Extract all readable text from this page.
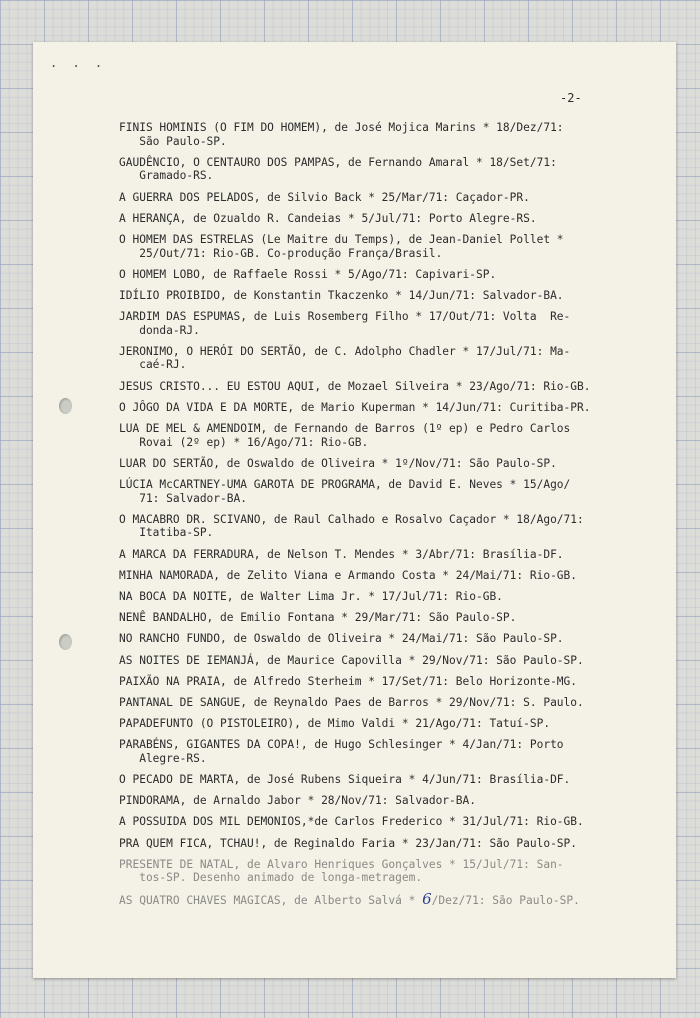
. . .
-2-
FINIS HOMINIS (O FIM DO HOMEM), de José Mojica Marins * 18/Dez/71:
São Paulo-SP.
GAUDÊNCIO, O CENTAURO DOS PAMPAS, de Fernando Amaral * 18/Set/71:
Gramado-RS.
A GUERRA DOS PELADOS, de Silvio Back * 25/Mar/71: Caçador-PR.
A HERANÇA, de Ozualdo R. Candeias * 5/Jul/71: Porto Alegre-RS.
O HOMEM DAS ESTRELAS (Le Maitre du Temps), de Jean-Daniel Pollet *
25/Out/71: Rio-GB. Co-produção França/Brasil.
O HOMEM LOBO, de Raffaele Rossi * 5/Ago/71: Capivari-SP.
IDÍLIO PROIBIDO, de Konstantin Tkaczenko * 14/Jun/71: Salvador-BA.
JARDIM DAS ESPUMAS, de Luis Rosemberg Filho * 17/Out/71: Volta  Re-
donda-RJ.
JERONIMO, O HERÓI DO SERTÃO, de C. Adolpho Chadler * 17/Jul/71: Ma-
caé-RJ.
JESUS CRISTO... EU ESTOU AQUI, de Mozael Silveira * 23/Ago/71: Rio-GB.
O JÔGO DA VIDA E DA MORTE, de Mario Kuperman * 14/Jun/71: Curitiba-PR.
LUA DE MEL & AMENDOIM, de Fernando de Barros (1º ep) e Pedro Carlos
Rovai (2º ep) * 16/Ago/71: Rio-GB.
LUAR DO SERTÃO, de Oswaldo de Oliveira * 1º/Nov/71: São Paulo-SP.
LÚCIA McCARTNEY-UMA GAROTA DE PROGRAMA, de David E. Neves * 15/Ago/
71: Salvador-BA.
O MACABRO DR. SCIVANO, de Raul Calhado e Rosalvo Caçador * 18/Ago/71:
Itatiba-SP.
A MARCA DA FERRADURA, de Nelson T. Mendes * 3/Abr/71: Brasília-DF.
MINHA NAMORADA, de Zelito Viana e Armando Costa * 24/Mai/71: Rio-GB.
NA BOCA DA NOITE, de Walter Lima Jr. * 17/Jul/71: Rio-GB.
NENÊ BANDALHO, de Emilio Fontana * 29/Mar/71: São Paulo-SP.
NO RANCHO FUNDO, de Oswaldo de Oliveira * 24/Mai/71: São Paulo-SP.
AS NOITES DE IEMANJÁ, de Maurice Capovilla * 29/Nov/71: São Paulo-SP.
PAIXÃO NA PRAIA, de Alfredo Sterheim * 17/Set/71: Belo Horizonte-MG.
PANTANAL DE SANGUE, de Reynaldo Paes de Barros * 29/Nov/71: S. Paulo.
PAPADEFUNTO (O PISTOLEIRO), de Mimo Valdi * 21/Ago/71: Tatuí-SP.
PARABÉNS, GIGANTES DA COPA!, de Hugo Schlesinger * 4/Jan/71: Porto
Alegre-RS.
O PECADO DE MARTA, de José Rubens Siqueira * 4/Jun/71: Brasília-DF.
PINDORAMA, de Arnaldo Jabor * 28/Nov/71: Salvador-BA.
A POSSUIDA DOS MIL DEMONIOS,*de Carlos Frederico * 31/Jul/71: Rio-GB.
PRA QUEM FICA, TCHAU!, de Reginaldo Faria * 23/Jan/71: São Paulo-SP.
PRESENTE DE NATAL, de Alvaro Henriques Gonçalves * 15/Jul/71: San-
tos-SP. Desenho animado de longa-metragem.
AS QUATRO CHAVES MAGICAS, de Alberto Salvá * 6/Dez/71: São Paulo-SP.
